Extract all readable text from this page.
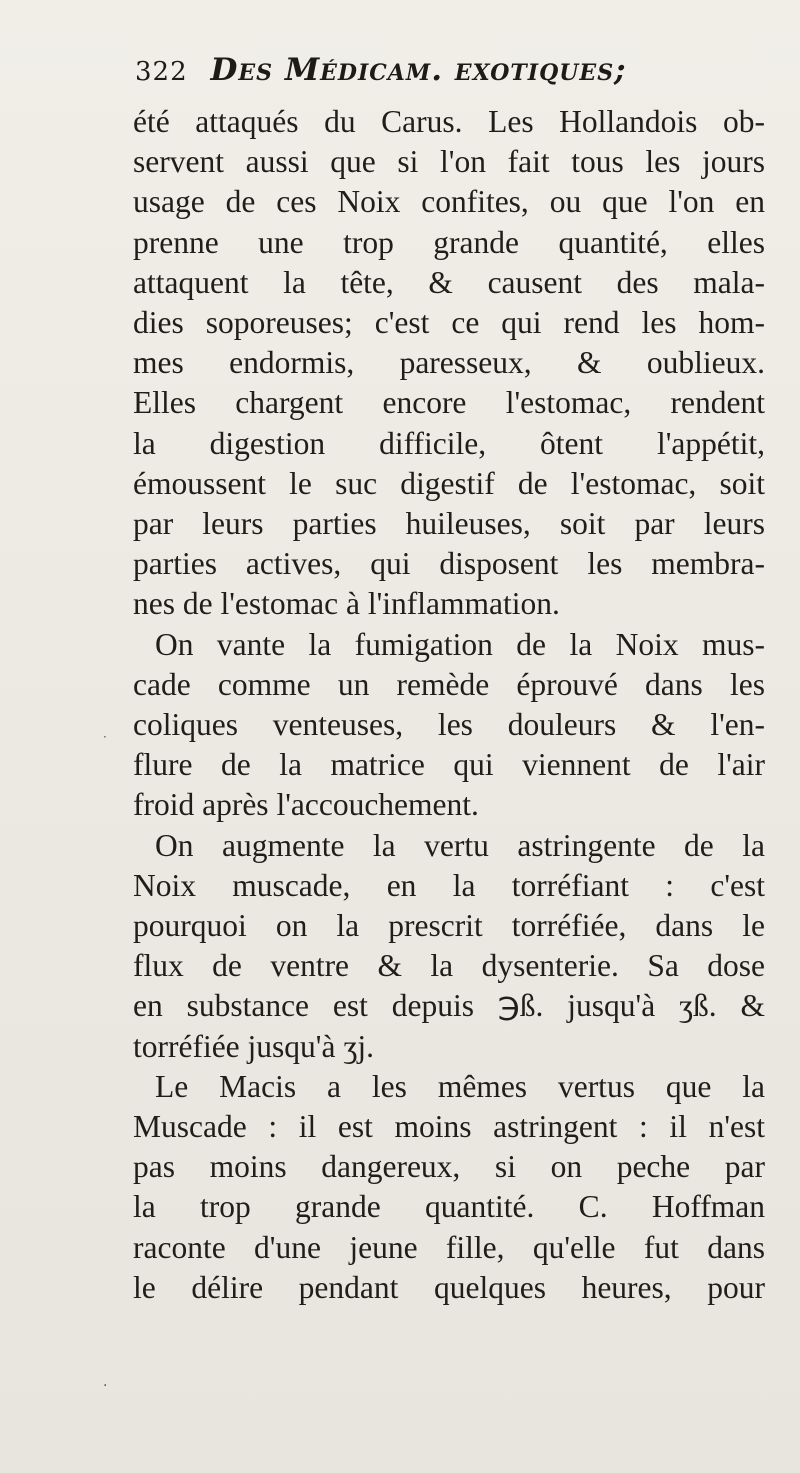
322 Des Médicam. exotiques;
été attaqués du Carus. Les Hollandois ob-
servent aussi que si l'on fait tous les jours
usage de ces Noix confites, ou que l'on en
prenne une trop grande quantité, elles
attaquent la tête, & causent des mala-
dies soporeuses; c'est ce qui rend les hom-
mes endormis, paresseux, & oublieux.
Elles chargent encore l'estomac, rendent
la digestion difficile, ôtent l'appétit,
émoussent le suc digestif de l'estomac, soit
par leurs parties huileuses, soit par leurs
parties actives, qui disposent les membra-
nes de l'estomac à l'inflammation.
On vante la fumigation de la Noix mus-
cade comme un remède éprouvé dans les
coliques venteuses, les douleurs & l'en-
flure de la matrice qui viennent de l'air
froid après l'accouchement.
On augmente la vertu astringente de la
Noix muscade, en la torréfiant : c'est
pourquoi on la prescrit torréfiée, dans le
flux de ventre & la dysenterie. Sa dose
en substance est depuis ℈ß. jusqu'à ʒß. &
torréfiée jusqu'à ʒj.
Le Macis a les mêmes vertus que la
Muscade : il est moins astringent : il n'est
pas moins dangereux, si on peche par
la trop grande quantité. C. Hoffman
raconte d'une jeune fille, qu'elle fut dans
le délire pendant quelques heures, pour
·
·
